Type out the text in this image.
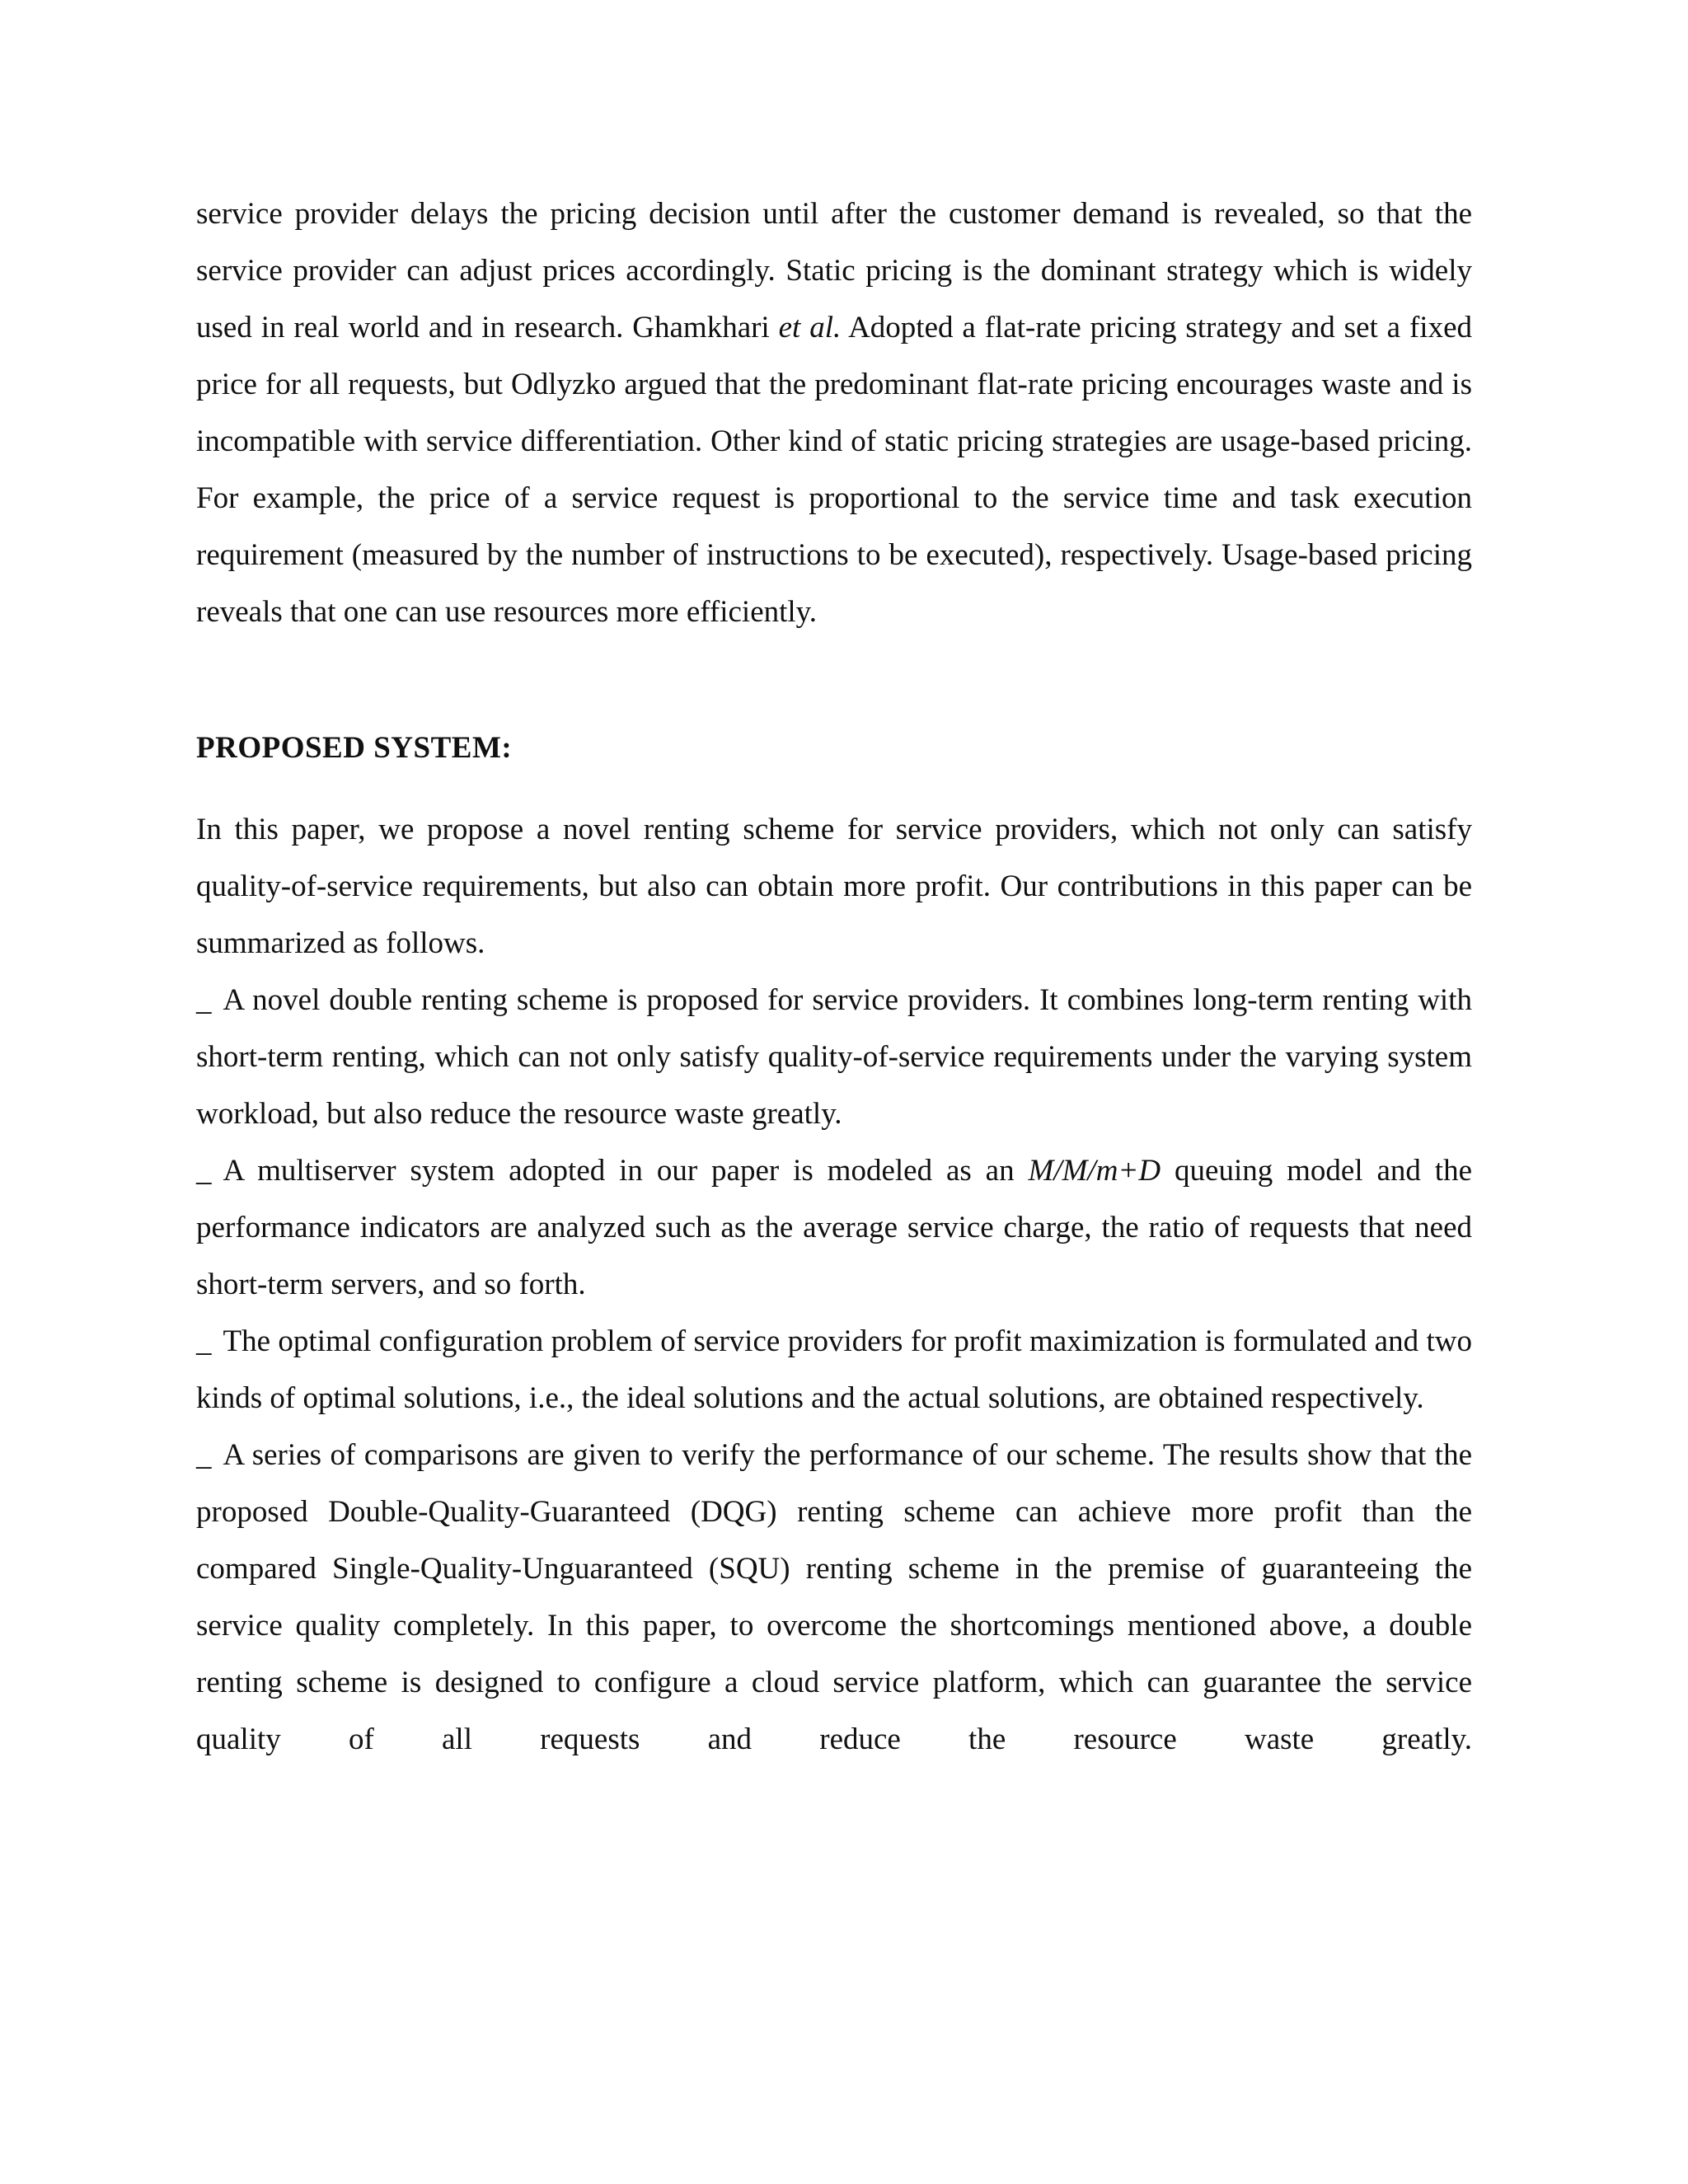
service provider delays the pricing decision until after the customer demand is revealed, so that the service provider can adjust prices accordingly. Static pricing is the dominant strategy which is widely used in real world and in research. Ghamkhari et al. Adopted a flat-rate pricing strategy and set a fixed price for all requests, but Odlyzko argued that the predominant flat-rate pricing encourages waste and is incompatible with service differentiation. Other kind of static pricing strategies are usage-based pricing. For example, the price of a service request is proportional to the service time and task execution requirement (measured by the number of instructions to be executed), respectively. Usage-based pricing reveals that one can use resources more efficiently.

PROPOSED SYSTEM:

In this paper, we propose a novel renting scheme for service providers, which not only can satisfy quality-of-service requirements, but also can obtain more profit. Our contributions in this paper can be summarized as follows.

_ A novel double renting scheme is proposed for service providers. It combines long-term renting with short-term renting, which can not only satisfy quality-of-service requirements under the varying system workload, but also reduce the resource waste greatly.

_ A multiserver system adopted in our paper is modeled as an M/M/m+D queuing model and the performance indicators are analyzed such as the average service charge, the ratio of requests that need short-term servers, and so forth.

_ The optimal configuration problem of service providers for profit maximization is formulated and two kinds of optimal solutions, i.e., the ideal solutions and the actual solutions, are obtained respectively.

_ A series of comparisons are given to verify the performance of our scheme. The results show that the proposed Double-Quality-Guaranteed (DQG) renting scheme can achieve more profit than the compared Single-Quality-Unguaranteed (SQU) renting scheme in the premise of guaranteeing the service quality completely. In this paper, to overcome the shortcomings mentioned above, a double renting scheme is designed to configure a cloud service platform, which can guarantee the service quality of all requests and reduce the resource waste greatly.
